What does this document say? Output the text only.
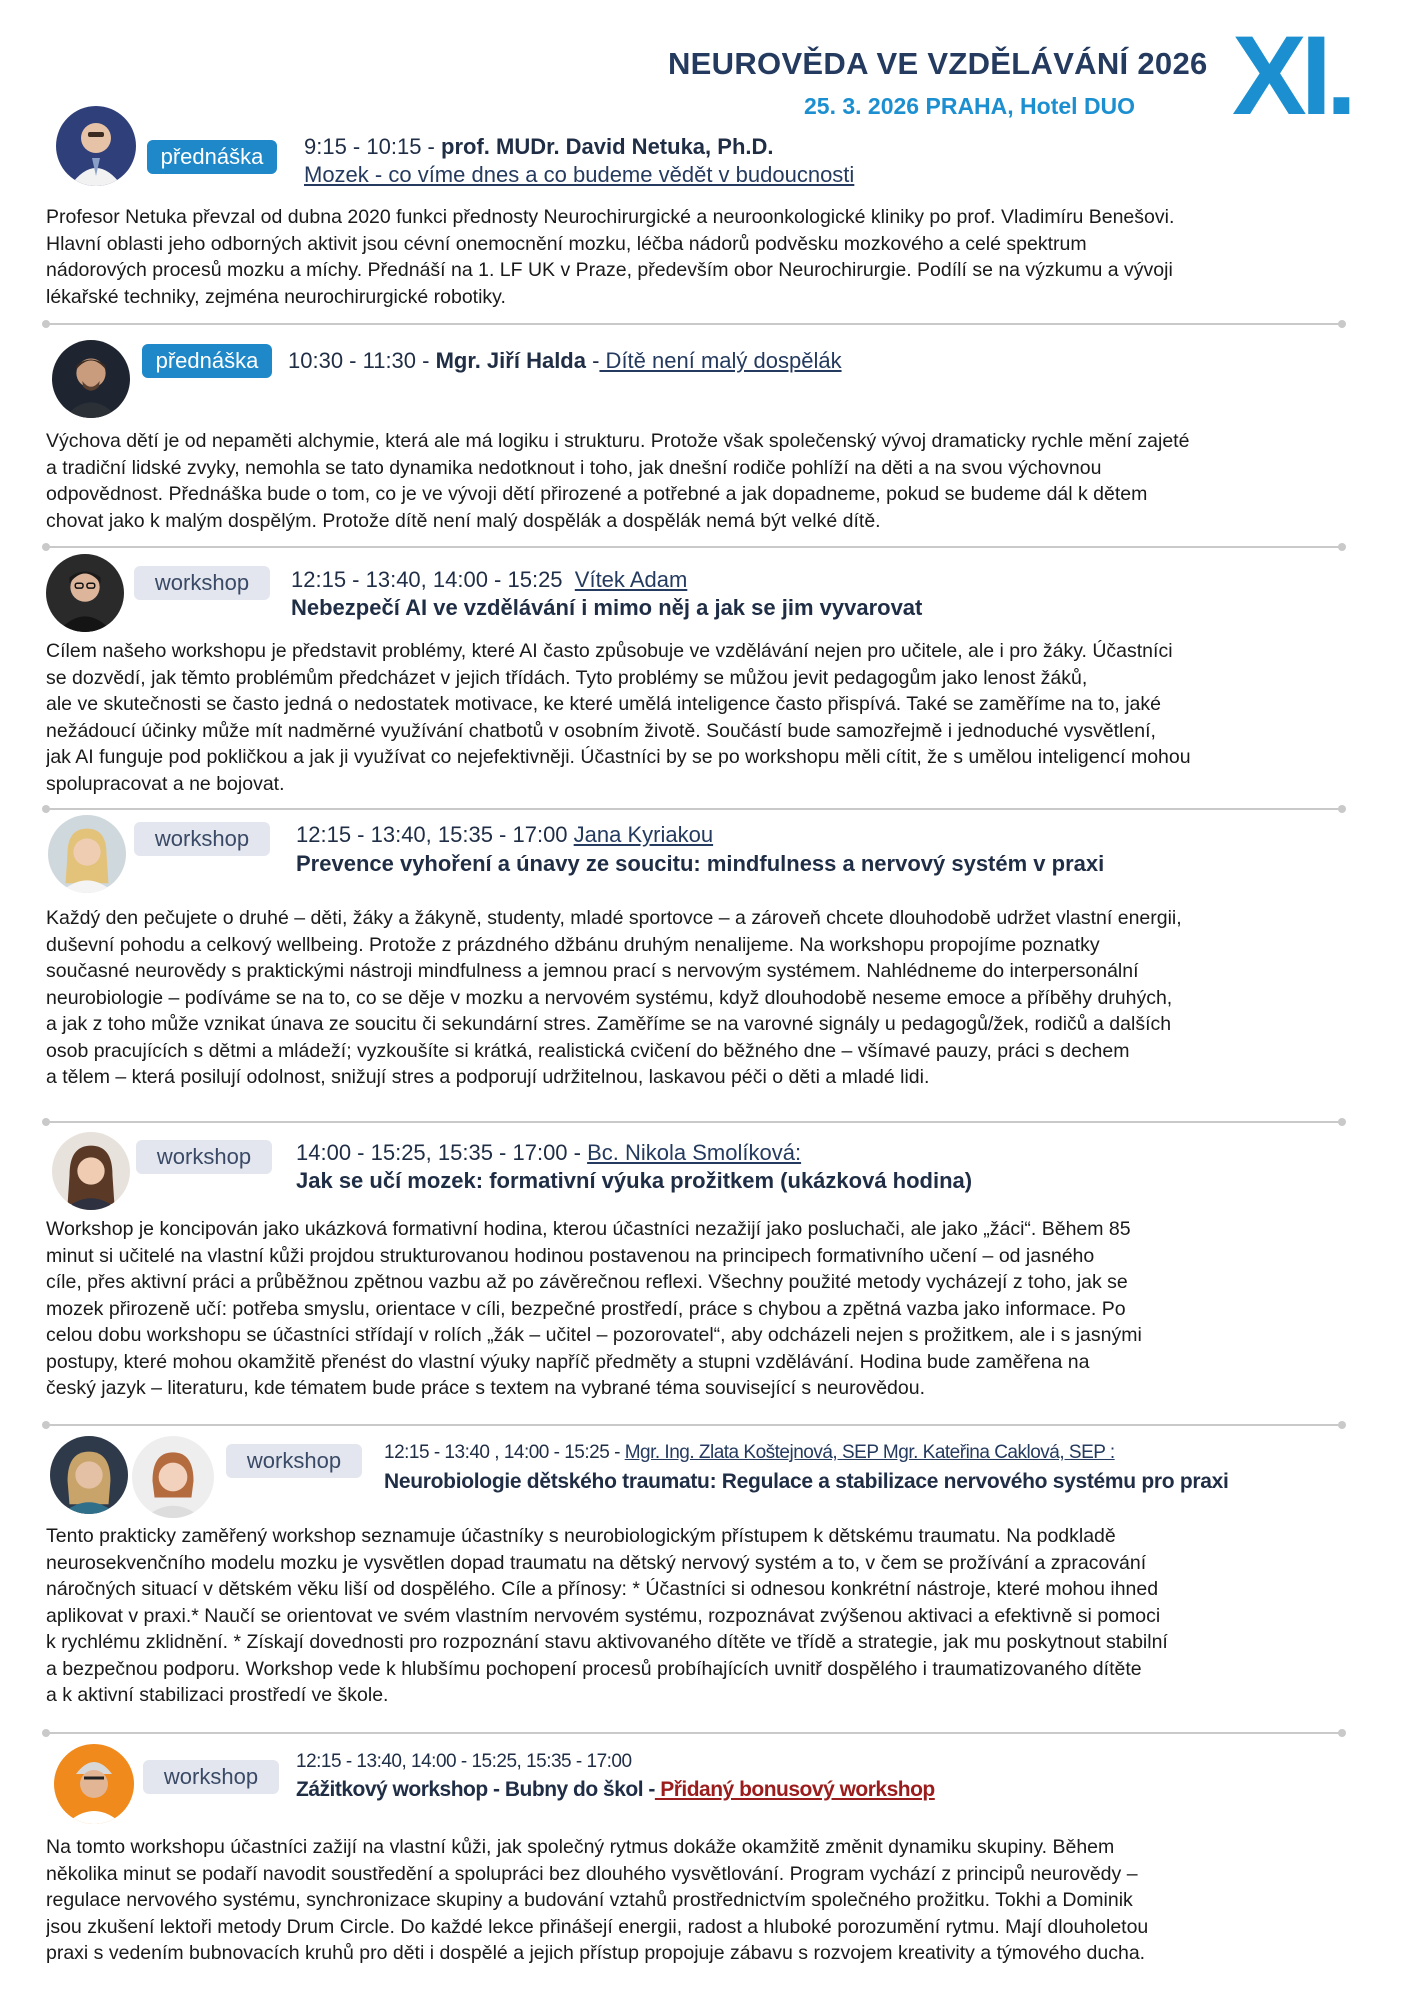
NEUROVĚDA VE VZDĚLÁVÁNÍ 2026
25. 3. 2026 PRAHA, Hotel DUO XI.
přednáška	9:15 - 10:15 - prof. MUDr. David Netuka, Ph.D.
Mozek - co víme dnes a co budeme vědět v budoucnosti
Profesor Netuka převzal od dubna 2020 funkci přednosty Neurochirurgické a neuroonkologické kliniky po prof. Vladimíru Benešovi.
Hlavní oblasti jeho odborných aktivit jsou cévní onemocnění mozku, léčba nádorů podvěsku mozkového a celé spektrum
nádorových procesů mozku a míchy. Přednáší na 1. LF UK v Praze, především obor Neurochirurgie. Podílí se na výzkumu a vývoji
lékařské techniky, zejména neurochirurgické robotiky.
přednáška	10:30 - 11:30 - Mgr. Jiří Halda - Dítě není malý dospělák
Výchova dětí je od nepaměti alchymie, která ale má logiku i strukturu. Protože však společenský vývoj dramaticky rychle mění zajeté
a tradiční lidské zvyky, nemohla se tato dynamika nedotknout i toho, jak dnešní rodiče pohlíží na děti a na svou výchovnou
odpovědnost. Přednáška bude o tom, co je ve vývoji dětí přirozené a potřebné a jak dopadneme, pokud se budeme dál k dětem
chovat jako k malým dospělým. Protože dítě není malý dospělák a dospělák nemá být velké dítě.
workshop	12:15 - 13:40, 14:00 - 15:25 Vítek Adam
Nebezpečí AI ve vzdělávání i mimo něj a jak se jim vyvarovat
Cílem našeho workshopu je představit problémy, které AI často způsobuje ve vzdělávání nejen pro učitele, ale i pro žáky. Účastníci
se dozvědí, jak těmto problémům předcházet v jejich třídách. Tyto problémy se můžou jevit pedagogům jako lenost žáků,
ale ve skutečnosti se často jedná o nedostatek motivace, ke které umělá inteligence často přispívá. Také se zaměříme na to, jaké
nežádoucí účinky může mít nadměrné využívání chatbotů v osobním životě. Součástí bude samozřejmě i jednoduché vysvětlení,
jak AI funguje pod pokličkou a jak ji využívat co nejefektivněji. Účastníci by se po workshopu měli cítit, že s umělou inteligencí mohou
spolupracovat a ne bojovat.
workshop	12:15 - 13:40, 15:35 - 17:00 Jana Kyriakou
Prevence vyhoření a únavy ze soucitu: mindfulness a nervový systém v praxi
Každý den pečujete o druhé – děti, žáky a žákyně, studenty, mladé sportovce – a zároveň chcete dlouhodobě udržet vlastní energii,
duševní pohodu a celkový wellbeing. Protože z prázdného džbánu druhým nenalijeme. Na workshopu propojíme poznatky
současné neurovědy s praktickými nástroji mindfulness a jemnou prací s nervovým systémem. Nahlédneme do interpersonální
neurobiologie – podíváme se na to, co se děje v mozku a nervovém systému, když dlouhodobě neseme emoce a příběhy druhých,
a jak z toho může vznikat únava ze soucitu či sekundární stres. Zaměříme se na varovné signály u pedagogů/žek, rodičů a dalších
osob pracujících s dětmi a mládeží; vyzkoušíte si krátká, realistická cvičení do běžného dne – všímavé pauzy, práci s dechem
a tělem – která posilují odolnost, snižují stres a podporují udržitelnou, laskavou péči o děti a mladé lidi.
workshop	14:00 - 15:25, 15:35 - 17:00 - Bc. Nikola Smolíková:
Jak se učí mozek: formativní výuka prožitkem (ukázková hodina)
Workshop je koncipován jako ukázková formativní hodina, kterou účastníci nezažijí jako posluchači, ale jako „žáci“. Během 85
minut si učitelé na vlastní kůži projdou strukturovanou hodinou postavenou na principech formativního učení – od jasného
cíle, přes aktivní práci a průběžnou zpětnou vazbu až po závěrečnou reflexi. Všechny použité metody vycházejí z toho, jak se
mozek přirozeně učí: potřeba smyslu, orientace v cíli, bezpečné prostředí, práce s chybou a zpětná vazba jako informace. Po
celou dobu workshopu se účastníci střídají v rolích „žák – učitel – pozorovatel“, aby odcházeli nejen s prožitkem, ale i s jasnými
postupy, které mohou okamžitě přenést do vlastní výuky napříč předměty a stupni vzdělávání. Hodina bude zaměřena na
český jazyk – literaturu, kde tématem bude práce s textem na vybrané téma související s neurovědou.
workshop	12:15 - 13:40 , 14:00 - 15:25 - Mgr. Ing. Zlata Koštejnová, SEP Mgr. Kateřina Caklová, SEP :
Neurobiologie dětského traumatu: Regulace a stabilizace nervového systému pro praxi
Tento prakticky zaměřený workshop seznamuje účastníky s neurobiologickým přístupem k dětskému traumatu. Na podkladě
neurosekvenčního modelu mozku je vysvětlen dopad traumatu na dětský nervový systém a to, v čem se prožívání a zpracování
náročných situací v dětském věku liší od dospělého. Cíle a přínosy: * Účastníci si odnesou konkrétní nástroje, které mohou ihned
aplikovat v praxi.* Naučí se orientovat ve svém vlastním nervovém systému, rozpoznávat zvýšenou aktivaci a efektivně si pomoci
k rychlému zklidnění. * Získají dovednosti pro rozpoznání stavu aktivovaného dítěte ve třídě a strategie, jak mu poskytnout stabilní
a bezpečnou podporu. Workshop vede k hlubšímu pochopení procesů probíhajících uvnitř dospělého i traumatizovaného dítěte
a k aktivní stabilizaci prostředí ve škole.
workshop
12:15 - 13:40, 14:00 - 15:25, 15:35 - 17:00
Zážitkový workshop - Bubny do škol - Přidaný bonusový workshop
Na tomto workshopu účastníci zažijí na vlastní kůži, jak společný rytmus dokáže okamžitě změnit dynamiku skupiny. Během
několika minut se podaří navodit soustředění a spolupráci bez dlouhého vysvětlování. Program vychází z principů neurovědy –
regulace nervového systému, synchronizace skupiny a budování vztahů prostřednictvím společného prožitku. Tokhi a Dominik
jsou zkušení lektoři metody Drum Circle. Do každé lekce přinášejí energii, radost a hluboké porozumění rytmu. Mají dlouholetou
praxi s vedením bubnovacích kruhů pro děti i dospělé a jejich přístup propojuje zábavu s rozvojem kreativity a týmového ducha.
